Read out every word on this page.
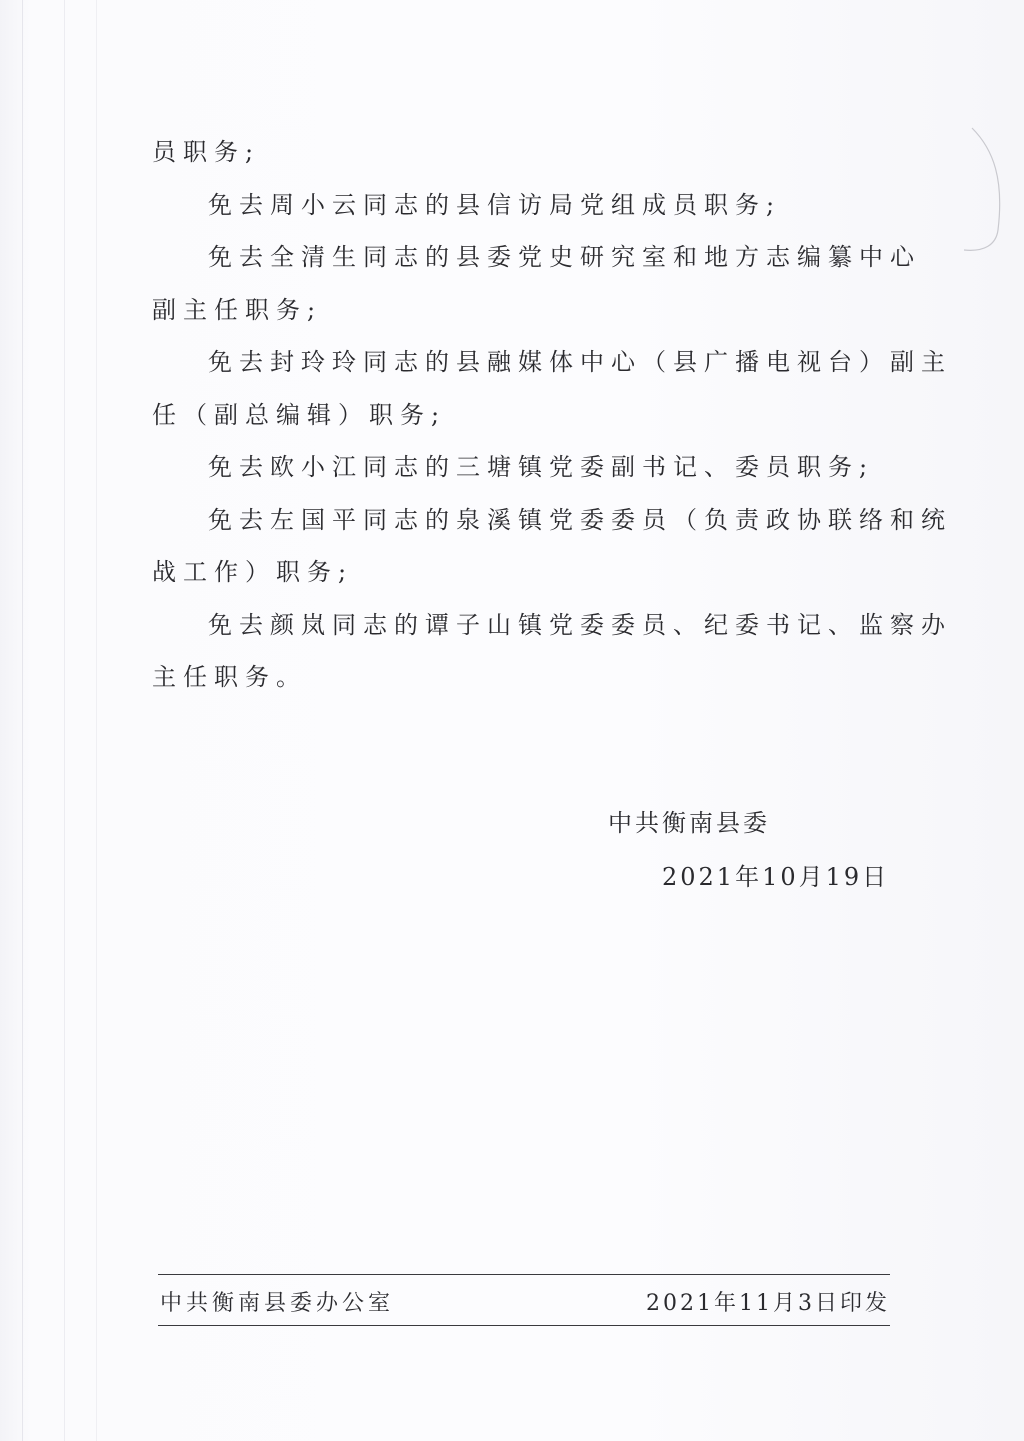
员职务;
免去周小云同志的县信访局党组成员职务;
免去全清生同志的县委党史研究室和地方志编纂中心
副主任职务;
免去封玲玲同志的县融媒体中心（县广播电视台）副主
任（副总编辑）职务;
免去欧小江同志的三塘镇党委副书记、委员职务;
免去左国平同志的泉溪镇党委委员（负责政协联络和统
战工作）职务;
免去颜岚同志的谭子山镇党委委员、纪委书记、监察办
主任职务。
中共衡南县委
2021年10月19日
中共衡南县委办公室	2021年11月3日印发
